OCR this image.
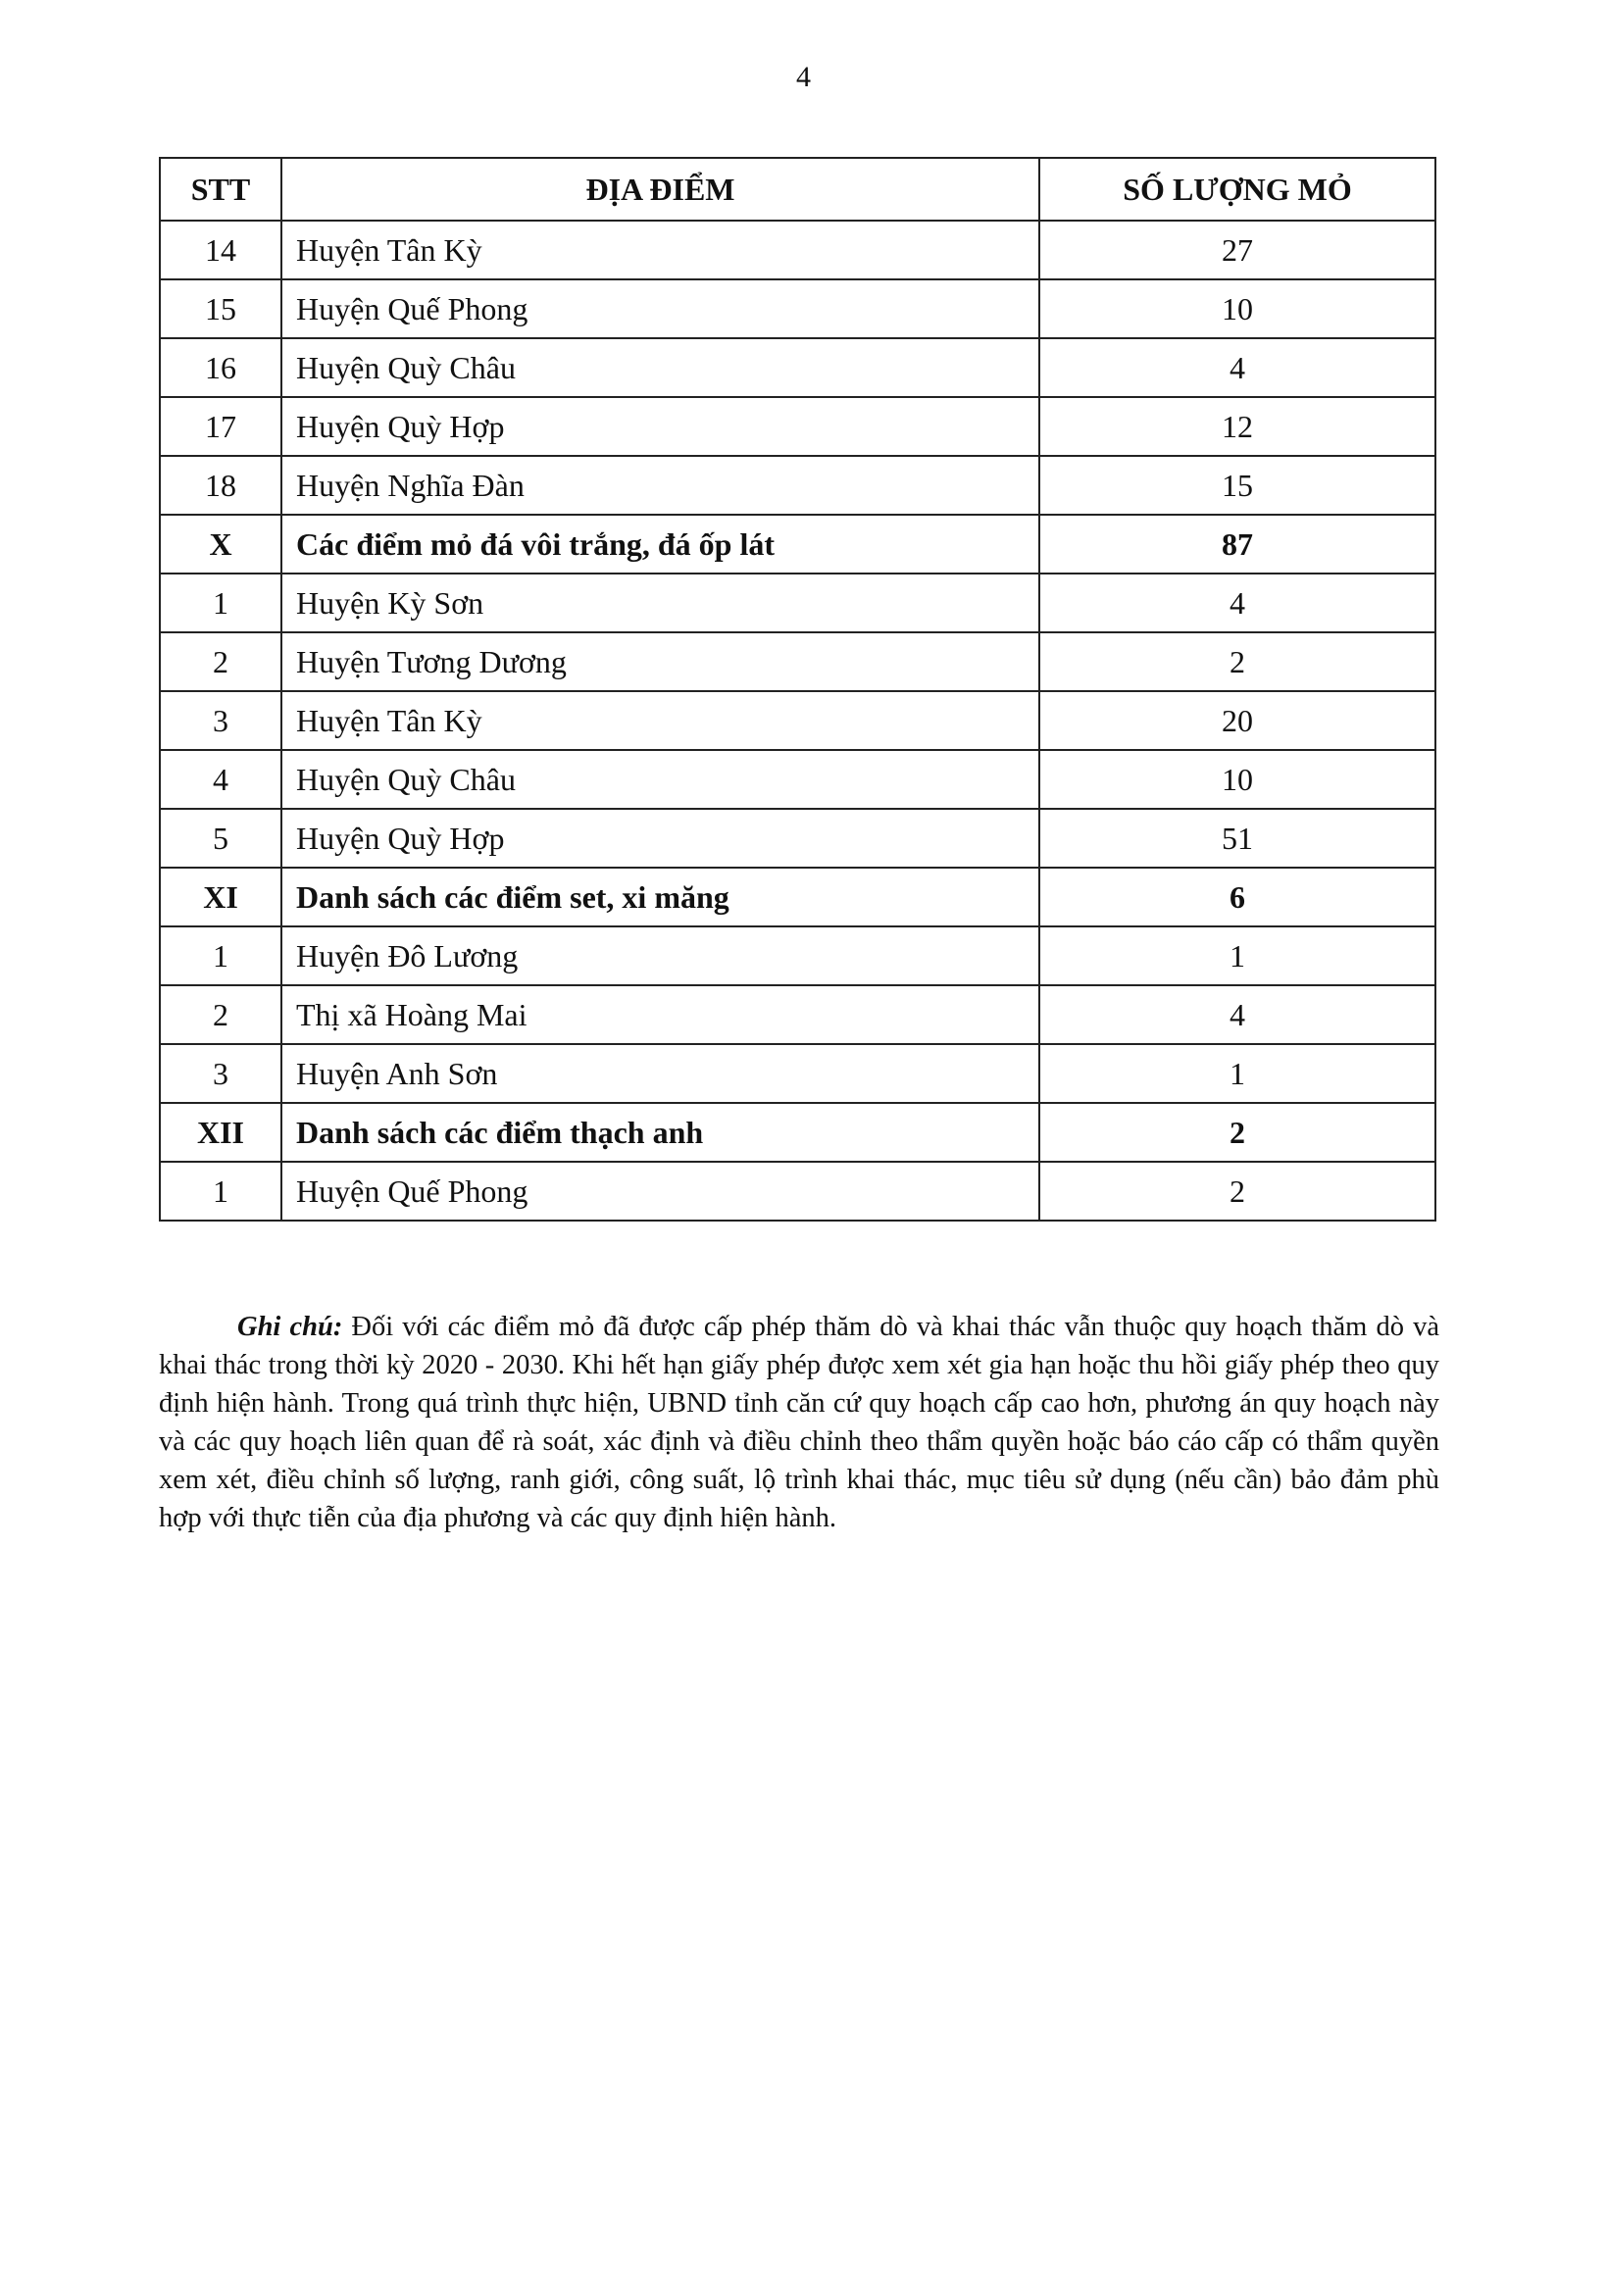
4
STT	ĐỊA ĐIỂM	SỐ LƯỢNG MỎ
14	Huyện Tân Kỳ	27
15	Huyện Quế Phong	10
16	Huyện Quỳ Châu	4
17	Huyện Quỳ Hợp	12
18	Huyện Nghĩa Đàn	15
X	Các điểm mỏ đá vôi trắng, đá ốp lát	87
1	Huyện Kỳ Sơn	4
2	Huyện Tương Dương	2
3	Huyện Tân Kỳ	20
4	Huyện Quỳ Châu	10
5	Huyện Quỳ Hợp	51
XI	Danh sách các điểm set, xi măng	6
1	Huyện Đô Lương	1
2	Thị xã Hoàng Mai	4
3	Huyện Anh Sơn	1
XII	Danh sách các điểm thạch anh	2
1	Huyện Quế Phong	2

Ghi chú: Đối với các điểm mỏ đã được cấp phép thăm dò và khai thác vẫn thuộc quy hoạch thăm dò và khai thác trong thời kỳ 2020 - 2030. Khi hết hạn giấy phép được xem xét gia hạn hoặc thu hồi giấy phép theo quy định hiện hành. Trong quá trình thực hiện, UBND tỉnh căn cứ quy hoạch cấp cao hơn, phương án quy hoạch này và các quy hoạch liên quan để rà soát, xác định và điều chỉnh theo thẩm quyền hoặc báo cáo cấp có thẩm quyền xem xét, điều chỉnh số lượng, ranh giới, công suất, lộ trình khai thác, mục tiêu sử dụng (nếu cần) bảo đảm phù hợp với thực tiễn của địa phương và các quy định hiện hành.
